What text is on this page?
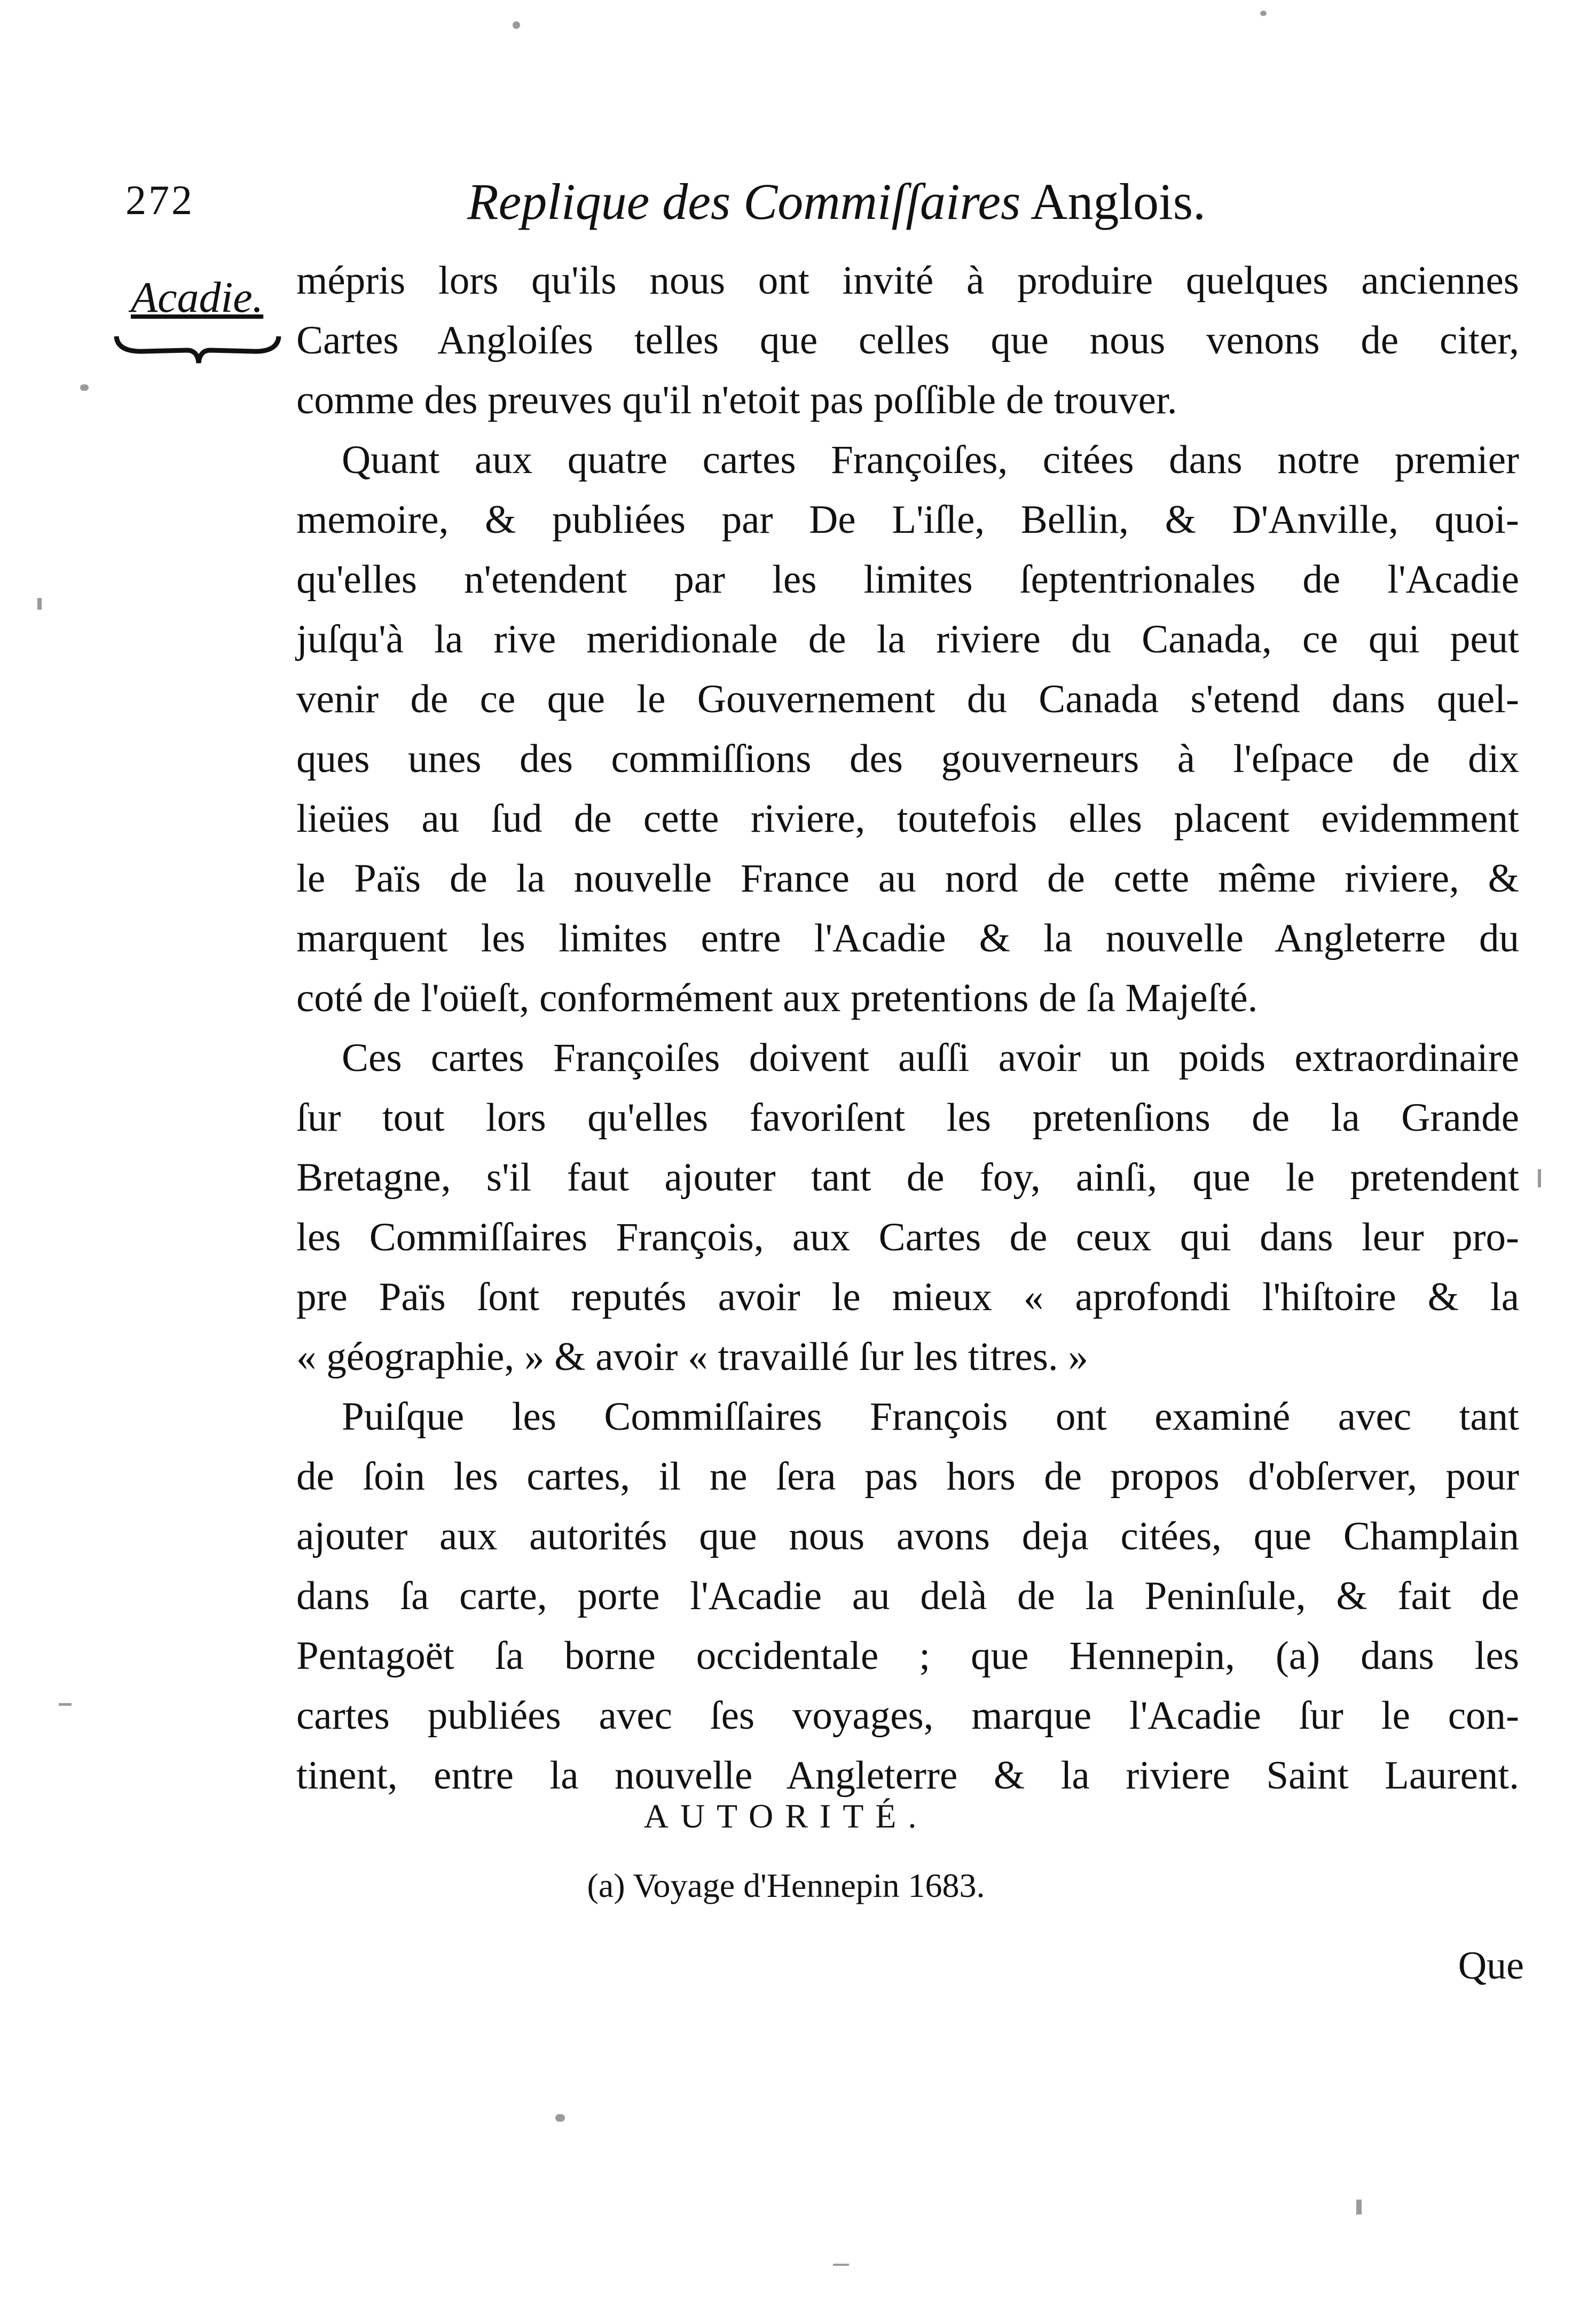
272	Replique des Commiſſaires Anglois.
Acadie. mépris lors qu'ils nous ont invité à produire quelques anciennes
Cartes Angloiſes telles que celles que nous venons de citer,
comme des preuves qu'il n'etoit pas poſſible de trouver.
Quant aux quatre cartes Françoiſes, citées dans notre premier
memoire, & publiées par De L'iſle, Bellin, & D'Anville, quoi-
qu'elles n'etendent par les limites ſeptentrionales de l'Acadie
juſqu'à la rive meridionale de la riviere du Canada, ce qui peut
venir de ce que le Gouvernement du Canada s'etend dans quel-
ques unes des commiſſions des gouverneurs à l'eſpace de dix
lieües au ſud de cette riviere, toutefois elles placent evidemment
le Païs de la nouvelle France au nord de cette même riviere, &
marquent les limites entre l'Acadie & la nouvelle Angleterre du
coté de l'oüeſt, conformément aux pretentions de ſa Majeſté.
Ces cartes Françoiſes doivent auſſi avoir un poids extraordinaire
ſur tout lors qu'elles favoriſent les pretenſions de la Grande
Bretagne, s'il faut ajouter tant de foy, ainſi, que le pretendent
les Commiſſaires François, aux Cartes de ceux qui dans leur pro-
pre Païs ſont reputés avoir le mieux « aprofondi l'hiſtoire & la
« géographie, » & avoir « travaillé ſur les titres. »
Puiſque les Commiſſaires François ont examiné avec tant
de ſoin les cartes, il ne ſera pas hors de propos d'obſerver, pour
ajouter aux autorités que nous avons deja citées, que Champlain
dans ſa carte, porte l'Acadie au delà de la Peninſule, & fait de
Pentagoët ſa borne occidentale ; que Hennepin, (a) dans les
cartes publiées avec ſes voyages, marque l'Acadie ſur le con-
tinent, entre la nouvelle Angleterre & la riviere Saint Laurent.
AUTORITÉ.
(a) Voyage d'Hennepin 1683.
Que
